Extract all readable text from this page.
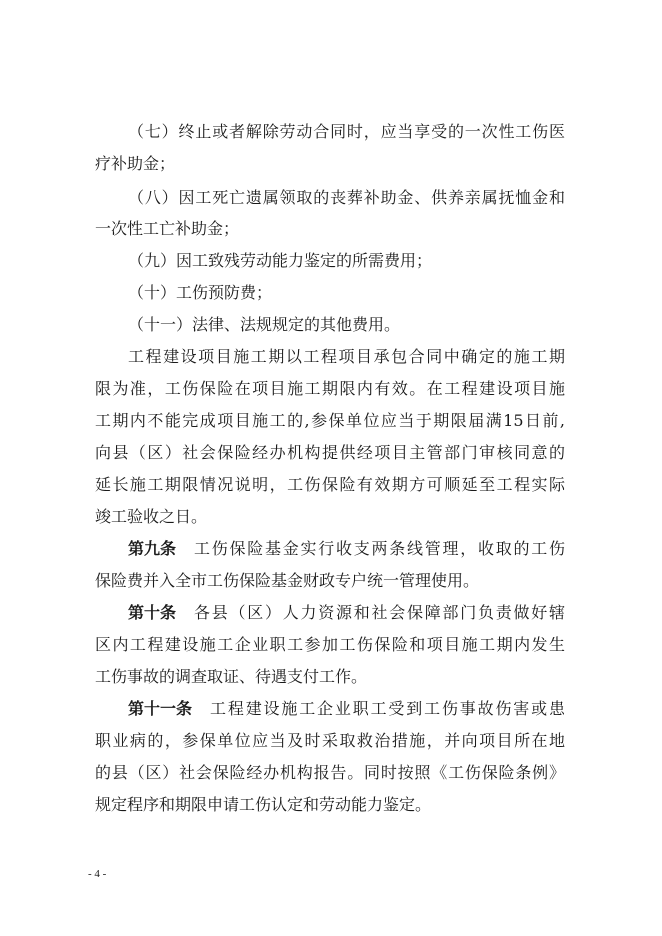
（七）终止或者解除劳动合同时，应当享受的一次性工伤医
疗补助金；
（八）因工死亡遗属领取的丧葬补助金、供养亲属抚恤金和
一次性工亡补助金；
（九）因工致残劳动能力鉴定的所需费用；
（十）工伤预防费；
（十一）法律、法规规定的其他费用。
工程建设项目施工期以工程项目承包合同中确定的施工期
限为准，工伤保险在项目施工期限内有效。在工程建设项目施
工期内不能完成项目施工的,参保单位应当于期限届满15日前,
向县（区）社会保险经办机构提供经项目主管部门审核同意的
延长施工期限情况说明，工伤保险有效期方可顺延至工程实际
竣工验收之日。
第九条 工伤保险基金实行收支两条线管理，收取的工伤
保险费并入全市工伤保险基金财政专户统一管理使用。
第十条 各县（区）人力资源和社会保障部门负责做好辖
区内工程建设施工企业职工参加工伤保险和项目施工期内发生
工伤事故的调查取证、待遇支付工作。
第十一条 工程建设施工企业职工受到工伤事故伤害或患
职业病的，参保单位应当及时采取救治措施，并向项目所在地
的县（区）社会保险经办机构报告。同时按照《工伤保险条例》
规定程序和期限申请工伤认定和劳动能力鉴定。
- 4 -
